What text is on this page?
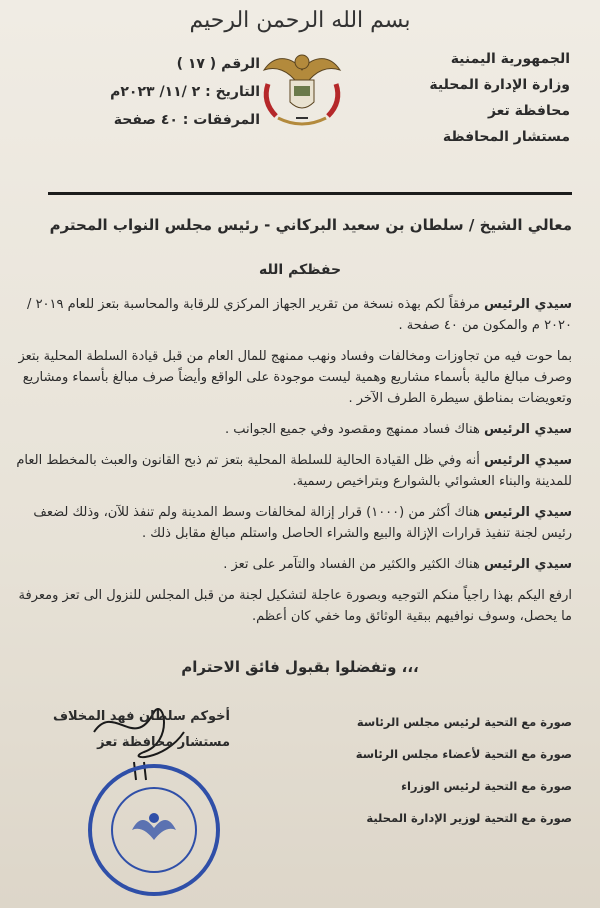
بسم الله الرحمن الرحيم
الجمهورية اليمنية
وزارة الإدارة المحلية
محافظة تعز
مستشار المحافظة
الرقم ( ١٧ )
التاريخ : ٢ /١١/ ٢٠٢٣م
المرفقات : ٤٠ صفحة
معالي الشيخ / سلطان بن سعيد البركاني - رئيس مجلس النواب المحترم
حفظكم الله

سيدي الرئيس مرفقاً لكم بهذه نسخة من تقرير الجهاز المركزي للرقابة والمحاسبة بتعز للعام ٢٠١٩ / ٢٠٢٠ م والمكون من ٤٠ صفحة .

بما حوت فيه من تجاوزات ومخالفات وفساد ونهب ممنهج للمال العام من قبل قيادة السلطة المحلية بتعز وصرف مبالغ مالية بأسماء مشاريع وهمية ليست موجودة على الواقع وأيضاً صرف مبالغ بأسماء ومشاريع وتعويضات بمناطق سيطرة الطرف الآخر .

سيدي الرئيس هناك فساد ممنهج ومقصود وفي جميع الجوانب .

سيدي الرئيس أنه وفي ظل القيادة الحالية للسلطة المحلية بتعز تم ذبح القانون والعبث بالمخطط العام للمدينة والبناء العشوائي بالشوارع وبتراخيص رسمية.

سيدي الرئيس هناك أكثر من (١٠٠٠) قرار إزالة لمخالفات وسط المدينة ولم تنفذ للآن، وذلك لضعف رئيس لجنة تنفيذ قرارات الإزالة والبيع والشراء الحاصل واستلم مبالغ مقابل ذلك .

سيدي الرئيس هناك الكثير والكثير من الفساد والتآمر على تعز .

ارفع اليكم بهذا راجياً منكم التوجيه وبصورة عاجلة لتشكيل لجنة من قبل المجلس للنزول الى تعز ومعرفة ما يحصل، وسوف نوافيهم ببقية الوثائق وما خفي كان أعظم.

وتفضلوا بقبول فائق الاحترام ،،،
أخوكم سلطان فهد المخلاف
مستشار محافظة تعز
صورة مع التحية لرئيس مجلس الرئاسة
صورة مع التحية لأعضاء مجلس الرئاسة
صورة مع التحية لرئيس الوزراء
صورة مع التحية لوزير الإدارة المحلية
